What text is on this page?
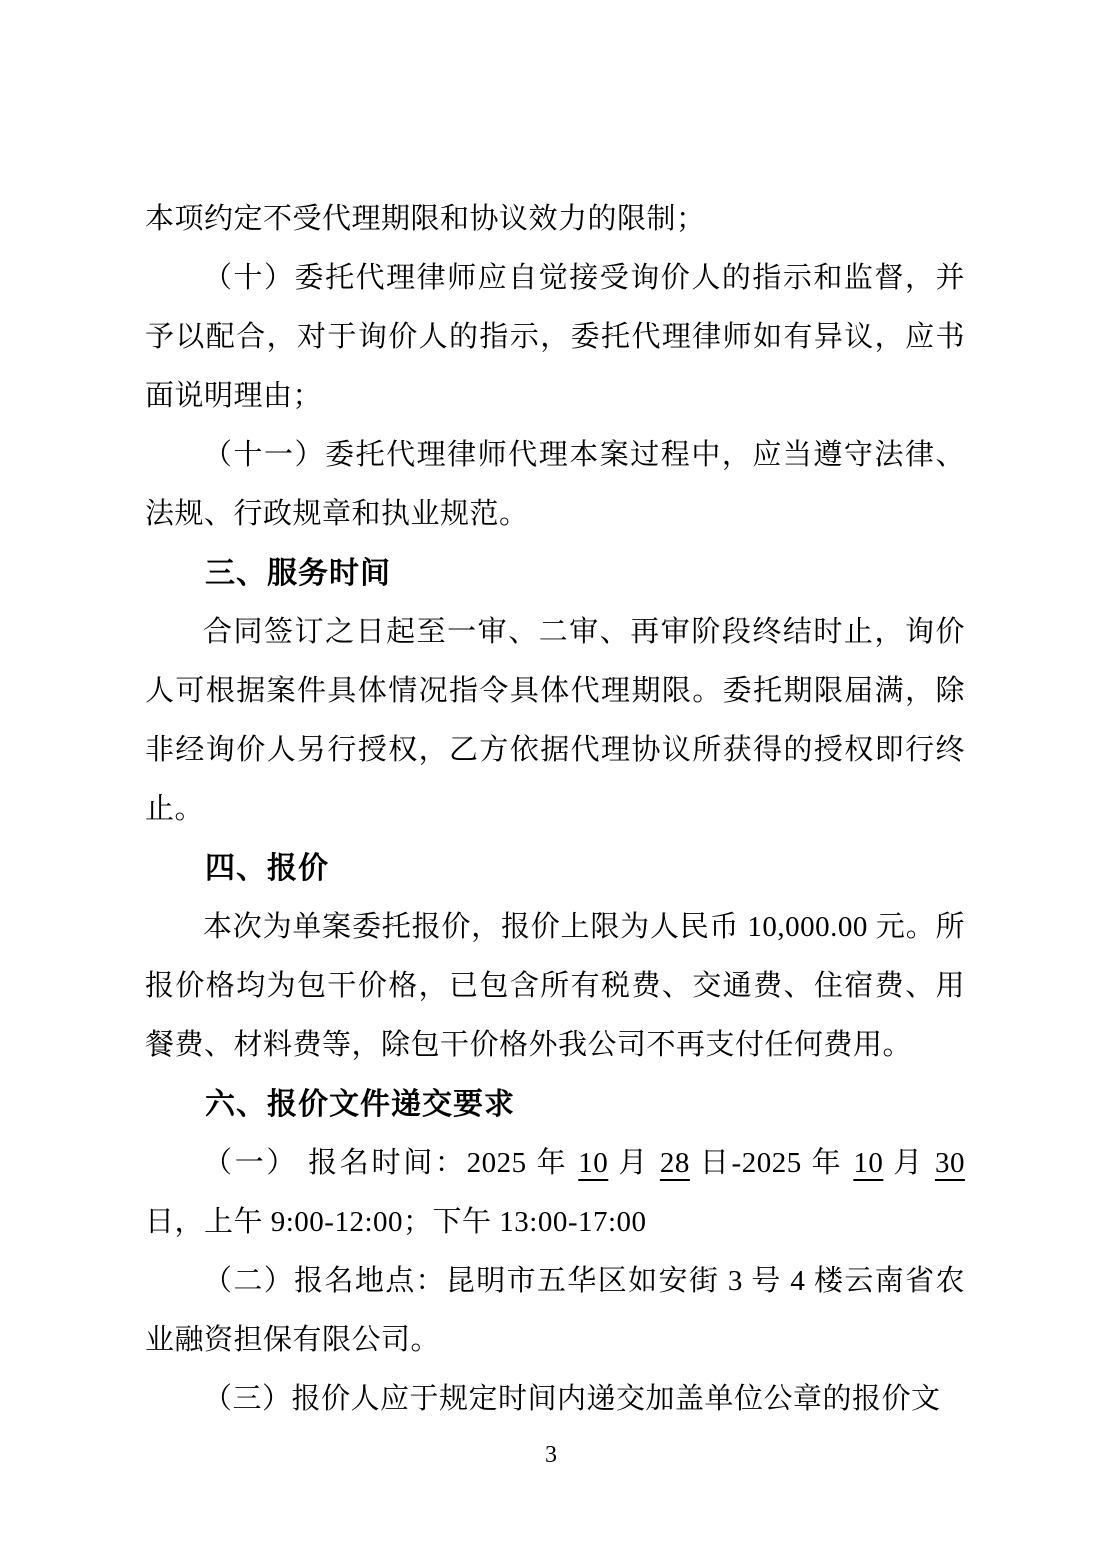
本项约定不受代理期限和协议效力的限制；

（十）委托代理律师应自觉接受询价人的指示和监督，并予以配合，对于询价人的指示，委托代理律师如有异议，应书面说明理由；

（十一）委托代理律师代理本案过程中，应当遵守法律、法规、行政规章和执业规范。

三、服务时间

合同签订之日起至一审、二审、再审阶段终结时止，询价人可根据案件具体情况指令具体代理期限。委托期限届满，除非经询价人另行授权，乙方依据代理协议所获得的授权即行终止。

四、报价

本次为单案委托报价，报价上限为人民币 10,000.00 元。所报价格均为包干价格，已包含所有税费、交通费、住宿费、用餐费、材料费等，除包干价格外我公司不再支付任何费用。

六、报价文件递交要求

（一） 报名时间：2025 年 10 月 28 日-2025 年 10 月 30 日，上午 9:00-12:00；下午 13:00-17:00

（二）报名地点：昆明市五华区如安街 3 号 4 楼云南省农业融资担保有限公司。

（三）报价人应于规定时间内递交加盖单位公章的报价文

3
